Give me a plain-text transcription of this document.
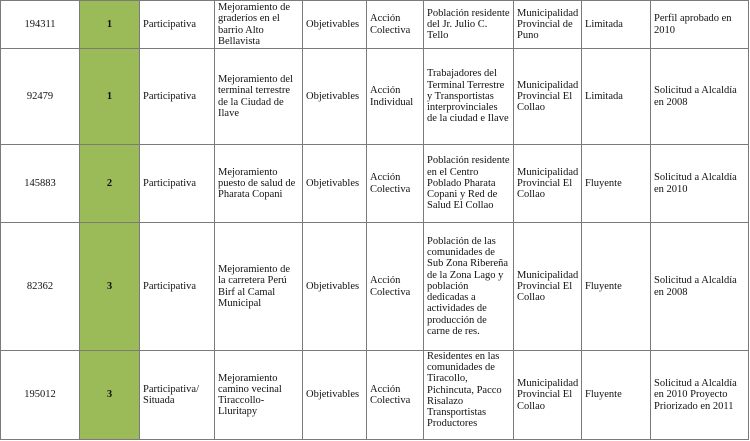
194311	1	Participativa	Mejoramiento de graderíos en el barrio Alto Bellavista	Objetivables	Acción Colectiva	Población residente del Jr. Julio C. Tello	Municipalidad Provincial de Puno	Limitada	Perfil aprobado en 2010
92479	1	Participativa	Mejoramiento del terminal terrestre de la Ciudad de Ilave	Objetivables	Acción Individual	Trabajadores del Terminal Terrestre y Transportistas interprovinciales de la ciudad e Ilave	Municipalidad Provincial El Collao	Limitada	Solicitud a Alcaldía en 2008
145883	2	Participativa	Mejoramiento puesto de salud de Pharata Copani	Objetivables	Acción Colectiva	Población residente en el Centro Poblado Pharata Copani y Red de Salud El Collao	Municipalidad Provincial El Collao	Fluyente	Solicitud a Alcaldía en 2010
82362	3	Participativa	Mejoramiento de la carretera Perú Birf al Camal Municipal	Objetivables	Acción Colectiva	Población de las comunidades de Sub Zona Ribereña de la Zona Lago y población dedicadas a actividades de producción de carne de res.	Municipalidad Provincial El Collao	Fluyente	Solicitud a Alcaldía en 2008
195012	3	Participativa/ Situada	Mejoramiento camino vecinal Tiraccollo-Lluritapy	Objetivables	Acción Colectiva	Residentes en las comunidades de Tiracollo, Pichincuta, Pacco Risalazo Transportistas Productores	Municipalidad Provincial El Collao	Fluyente	Solicitud a Alcaldía en 2010 Proyecto Priorizado en 2011
